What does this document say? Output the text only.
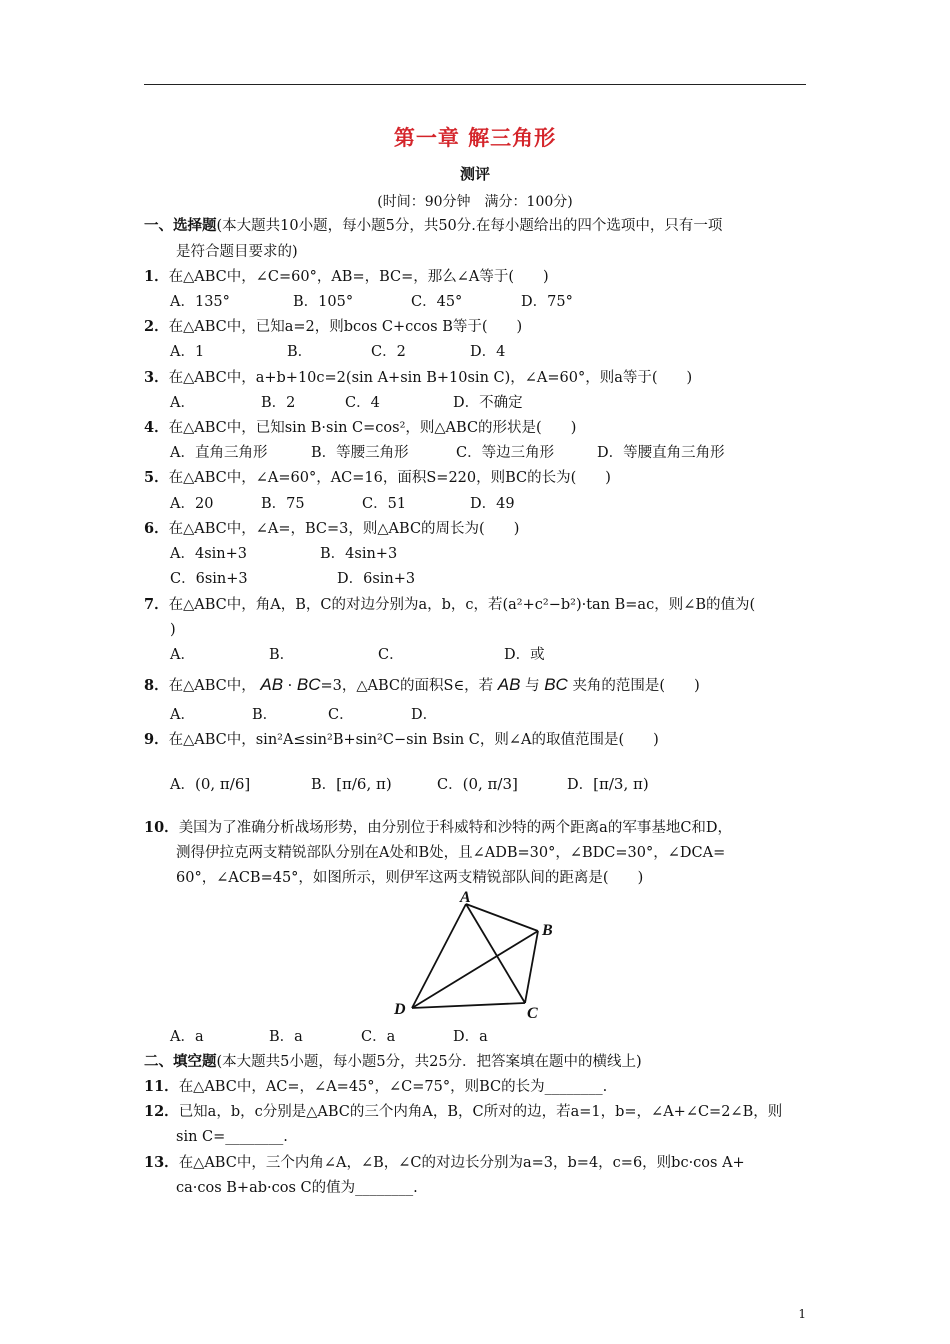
第一章 解三角形
测评
(时间：90分钟　满分：100分)
一、选择题(本大题共10小题，每小题5分，共50分.在每小题给出的四个选项中，只有一项
是符合题目要求的)
1．在△ABC中，∠C=60°，AB=，BC=，那么∠A等于(　　)
A．135°	B．105°	C．45°	D．75°
2．在△ABC中，已知a=2，则bcos C+ccos B等于(　　)
A．1	B．	C．2	D．4
3．在△ABC中，a+b+10c=2(sin A+sin B+10sin C)，∠A=60°，则a等于(　　)
A．	B．2	C．4	D．不确定
4．在△ABC中，已知sin B·sin C=cos²，则△ABC的形状是(　　)
A．直角三角形	B．等腰三角形	C．等边三角形	D．等腰直角三角形
5．在△ABC中，∠A=60°，AC=16，面积S=220，则BC的长为(　　)
A．20	B．75	C．51	D．49
6．在△ABC中，∠A=，BC=3，则△ABC的周长为(　　)
A．4sin+3	B．4sin+3
C．6sin+3	D．6sin+3
7．在△ABC中，角A，B，C的对边分别为a，b，c，若(a²+c²−b²)·tan B=ac，则∠B的值为(
)
A．	B．	C．	D．或
8．在△ABC中， AB · BC=3，△ABC的面积S∈，若 AB 与 BC 夹角的范围是(　　)
A．	B．	C．	D．
9．在△ABC中，sin²A≤sin²B+sin²C−sin Bsin C，则∠A的取值范围是(　　)
A．(0, π/6]	B．[π/6, π)	C．(0, π/3]	D．[π/3, π)
10．美国为了准确分析战场形势，由分别位于科威特和沙特的两个距离a的军事基地C和D，
测得伊拉克两支精锐部队分别在A处和B处，且∠ADB=30°，∠BDC=30°，∠DCA=
60°，∠ACB=45°，如图所示，则伊军这两支精锐部队间的距离是(　　)
A
B
C
D
A．a	B．a	C．a	D．a
二、填空题(本大题共5小题，每小题5分，共25分．把答案填在题中的横线上)
11．在△ABC中，AC=，∠A=45°，∠C=75°，则BC的长为________.
12．已知a，b，c分别是△ABC的三个内角A，B，C所对的边，若a=1，b=，∠A+∠C=2∠B，则
sin C=________.
13．在△ABC中，三个内角∠A，∠B，∠C的对边长分别为a=3，b=4，c=6，则bc·cos A+
ca·cos B+ab·cos C的值为________.
1
